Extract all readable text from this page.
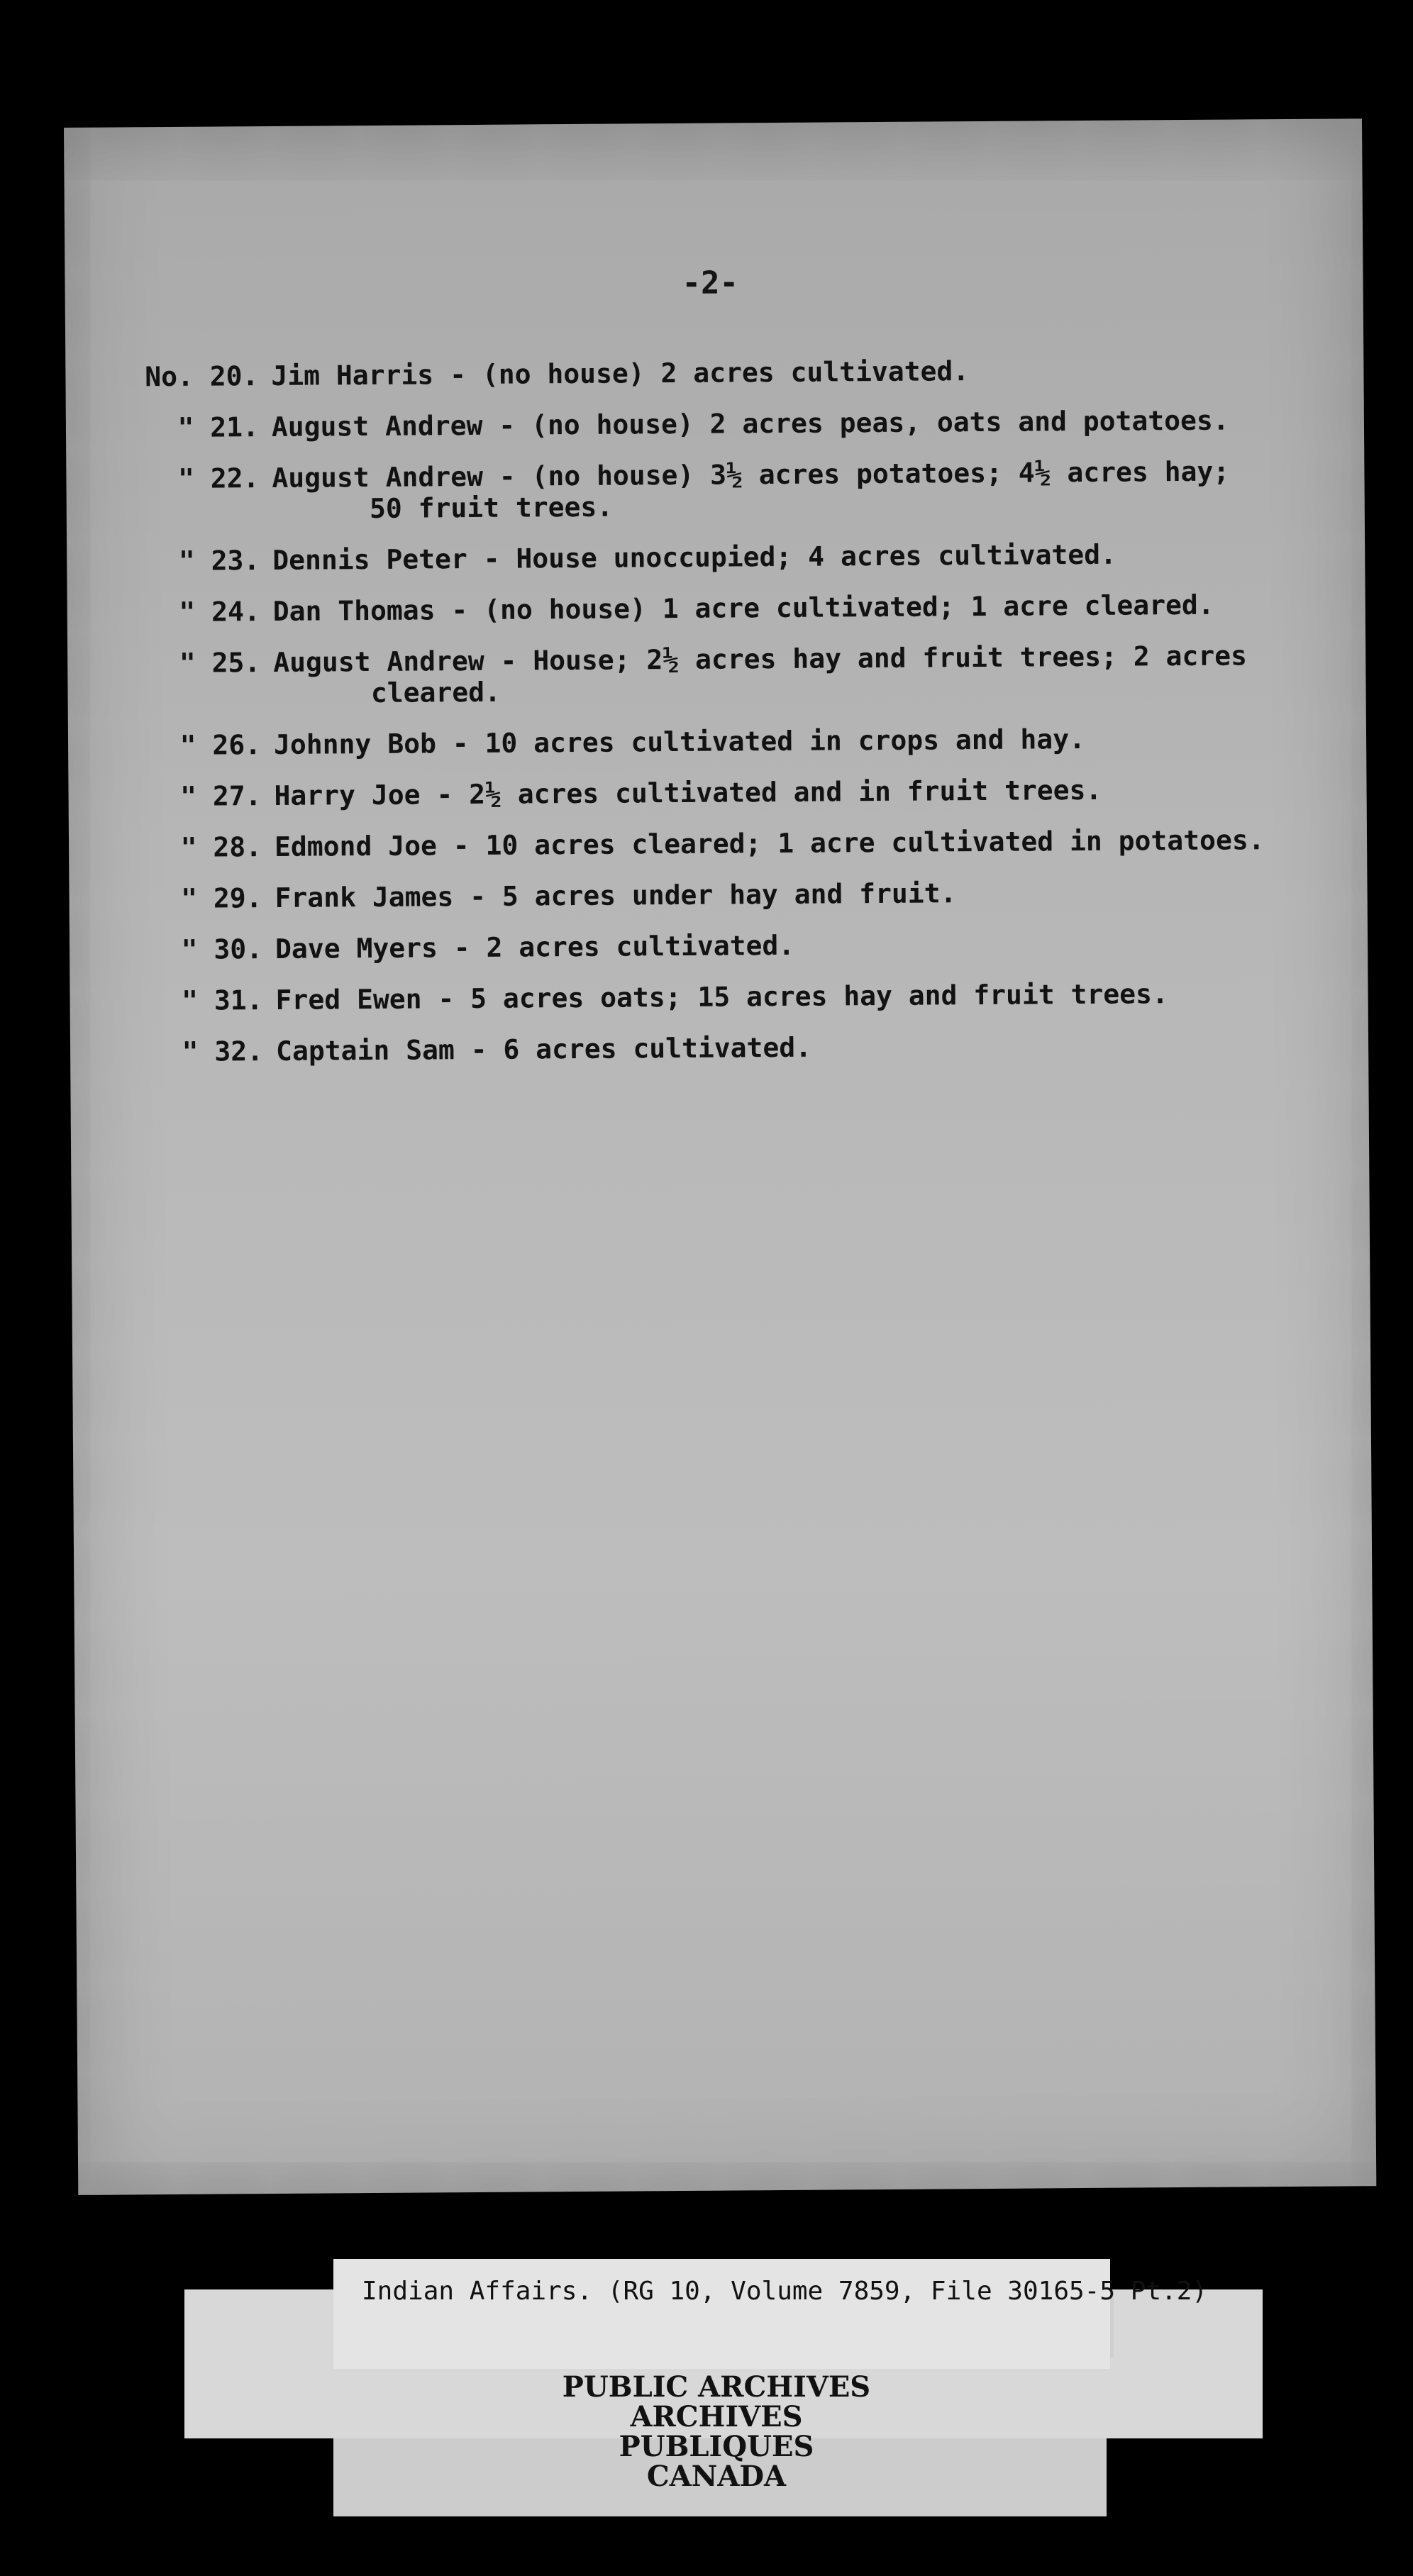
-2-
No. 20. Jim Harris - (no house) 2 acres cultivated.
" 21. August Andrew - (no house) 2 acres peas, oats and potatoes.
" 22. August Andrew - (no house) 3½ acres potatoes; 4½ acres hay;
50 fruit trees.
" 23. Dennis Peter - House unoccupied; 4 acres cultivated.
" 24. Dan Thomas - (no house) 1 acre cultivated; 1 acre cleared.
" 25. August Andrew - House; 2½ acres hay and fruit trees; 2 acres
cleared.
" 26. Johnny Bob - 10 acres cultivated in crops and hay.
" 27. Harry Joe - 2½ acres cultivated and in fruit trees.
" 28. Edmond Joe - 10 acres cleared; 1 acre cultivated in potatoes.
" 29. Frank James - 5 acres under hay and fruit.
" 30. Dave Myers - 2 acres cultivated.
" 31. Fred Ewen - 5 acres oats; 15 acres hay and fruit trees.
" 32. Captain Sam - 6 acres cultivated.
Indian Affairs. (RG 10, Volume 7859, File 30165-5 Pt.2)
PUBLIC ARCHIVES
ARCHIVES PUBLIQUES
CANADA
